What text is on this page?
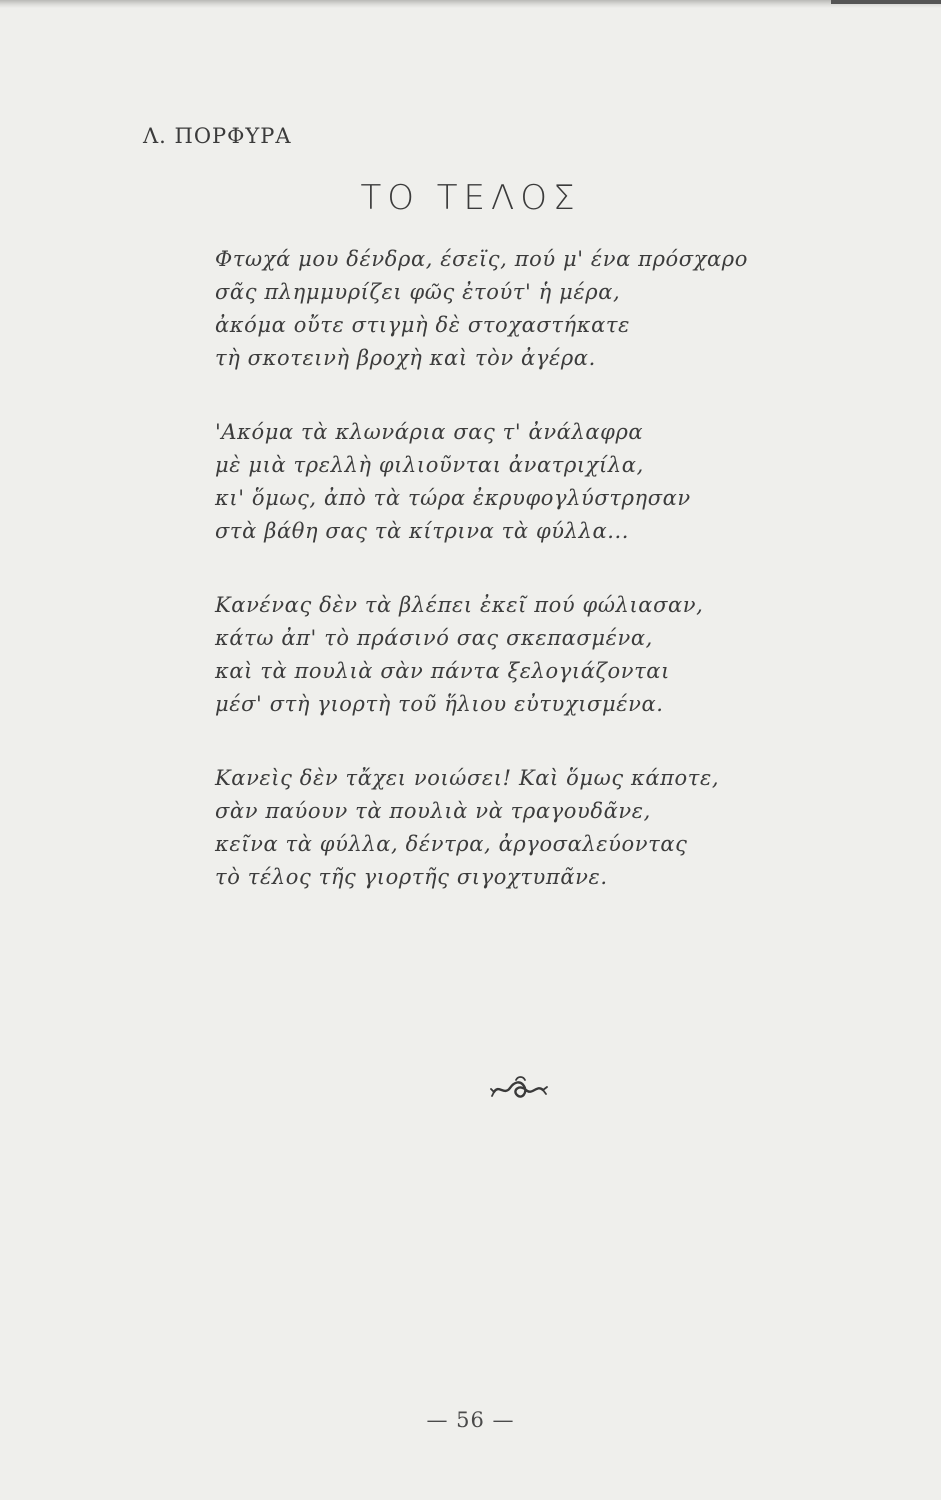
Λ. ΠΟΡΦΥΡΑ
ΤΟ ΤΕΛΟΣ
Φτωχά μου δένδρα, έσεϊς, πού μ' ένα πρόσχαρο
σᾶς πλημμυρίζει φῶς ἐτούτ' ἡ μέρα,
ἀκόμα οὔτε στιγμὴ δὲ στοχαστήκατε
τὴ σκοτεινὴ βροχὴ καὶ τὸν ἀγέρα.
'Ακόμα τὰ κλωνάρια σας τ' ἀνάλαφρα
μὲ μιὰ τρελλὴ φιλιοῦνται ἀνατριχίλα,
κι' ὅμως, ἀπὸ τὰ τώρα ἐκρυφογλύστρησαν
στὰ βάθη σας τὰ κίτρινα τὰ φύλλα...
Κανένας δὲν τὰ βλέπει ἐκεῖ πού φώλιασαν,
κάτω ἀπ' τὸ πράσινό σας σκεπασμένα,
καὶ τὰ πουλιὰ σὰν πάντα ξελογιάζονται
μέσ' στὴ γιορτὴ τοῦ ἥλιου εὐτυχισμένα.
Κανεὶς δὲν τἄχει νοιώσει! Καὶ ὅμως κάποτε,
σὰν παύουν τὰ πουλιὰ νὰ τραγουδᾶνε,
κεῖνα τὰ φύλλα, δέντρα, ἀργοσαλεύοντας
τὸ τέλος τῆς γιορτῆς σιγοχτυπᾶνε.
— 56 —
